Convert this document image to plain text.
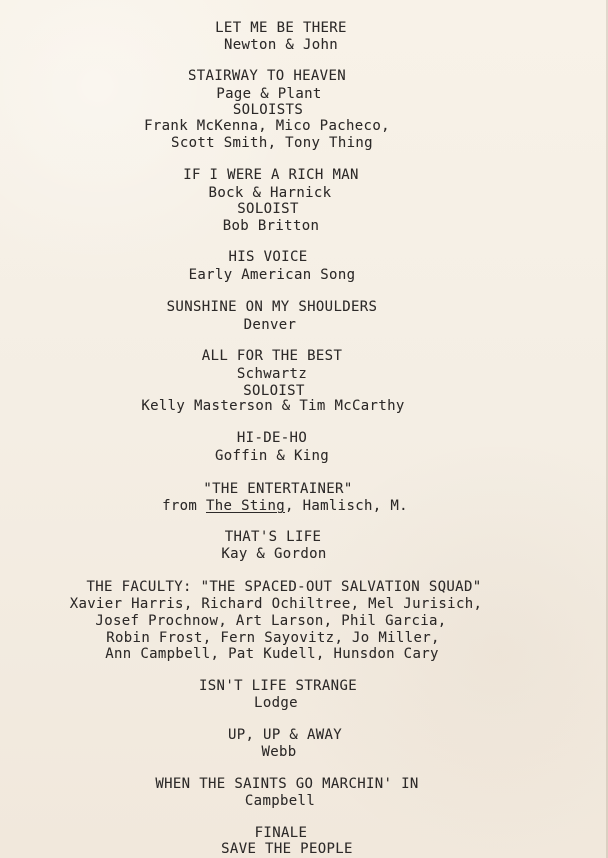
LET ME BE THERE
Newton & John
STAIRWAY TO HEAVEN
Page & Plant
SOLOISTS
Frank McKenna, Mico Pacheco,
Scott Smith, Tony Thing
IF I WERE A RICH MAN
Bock & Harnick
SOLOIST
Bob Britton
HIS VOICE
Early American Song
SUNSHINE ON MY SHOULDERS
Denver
ALL FOR THE BEST
Schwartz
SOLOIST
Kelly Masterson & Tim McCarthy
HI-DE-HO
Goffin & King
"THE ENTERTAINER"
from The Sting, Hamlisch, M.
THAT'S LIFE
Kay & Gordon
THE FACULTY: "THE SPACED-OUT SALVATION SQUAD"
Xavier Harris, Richard Ochiltree, Mel Jurisich,
Josef Prochnow, Art Larson, Phil Garcia,
Robin Frost, Fern Sayovitz, Jo Miller,
Ann Campbell, Pat Kudell, Hunsdon Cary
ISN'T LIFE STRANGE
Lodge
UP, UP & AWAY
Webb
WHEN THE SAINTS GO MARCHIN' IN
Campbell
FINALE
SAVE THE PEOPLE
